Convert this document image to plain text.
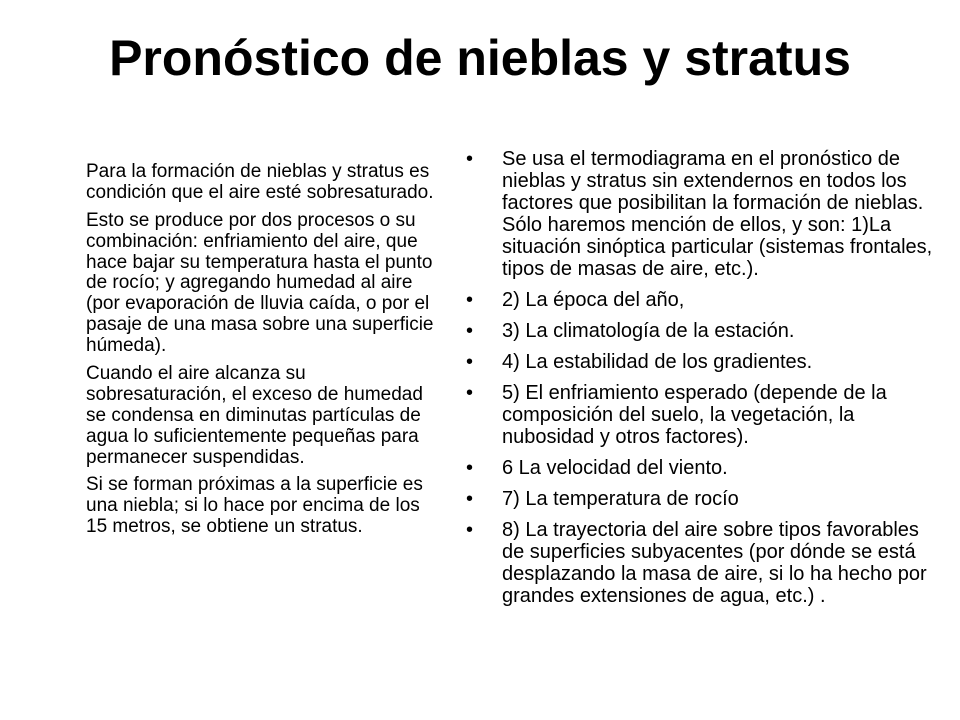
Pronóstico de nieblas y stratus

Para la formación de nieblas y stratus es condición que el aire esté sobresaturado.

Esto se produce por dos procesos o su combinación: enfriamiento del aire, que hace bajar su temperatura hasta el punto de rocío; y agregando humedad al aire (por evaporación de lluvia caída, o por el pasaje de una masa sobre una superficie húmeda).

Cuando el aire alcanza su sobresaturación, el exceso de humedad se condensa en diminutas partículas de agua lo suficientemente pequeñas para permanecer suspendidas.

Si se forman próximas a la superficie es una niebla; si lo hace por encima de los 15 metros, se obtiene un stratus.

• Se usa el termodiagrama en el pronóstico de nieblas y stratus sin extendernos en todos los factores que posibilitan la formación de nieblas. Sólo haremos mención de ellos, y son: 1)La situación sinóptica particular (sistemas frontales, tipos de masas de aire, etc.).
• 2) La época del año,
• 3) La climatología de la estación.
• 4) La estabilidad de los gradientes.
• 5) El enfriamiento esperado (depende de la composición del suelo, la vegetación, la nubosidad y otros factores).
• 6 La velocidad del viento.
• 7) La temperatura de rocío
• 8) La trayectoria del aire sobre tipos favorables de superficies subyacentes (por dónde se está desplazando la masa de aire, si lo ha hecho por grandes extensiones de agua, etc.) .
